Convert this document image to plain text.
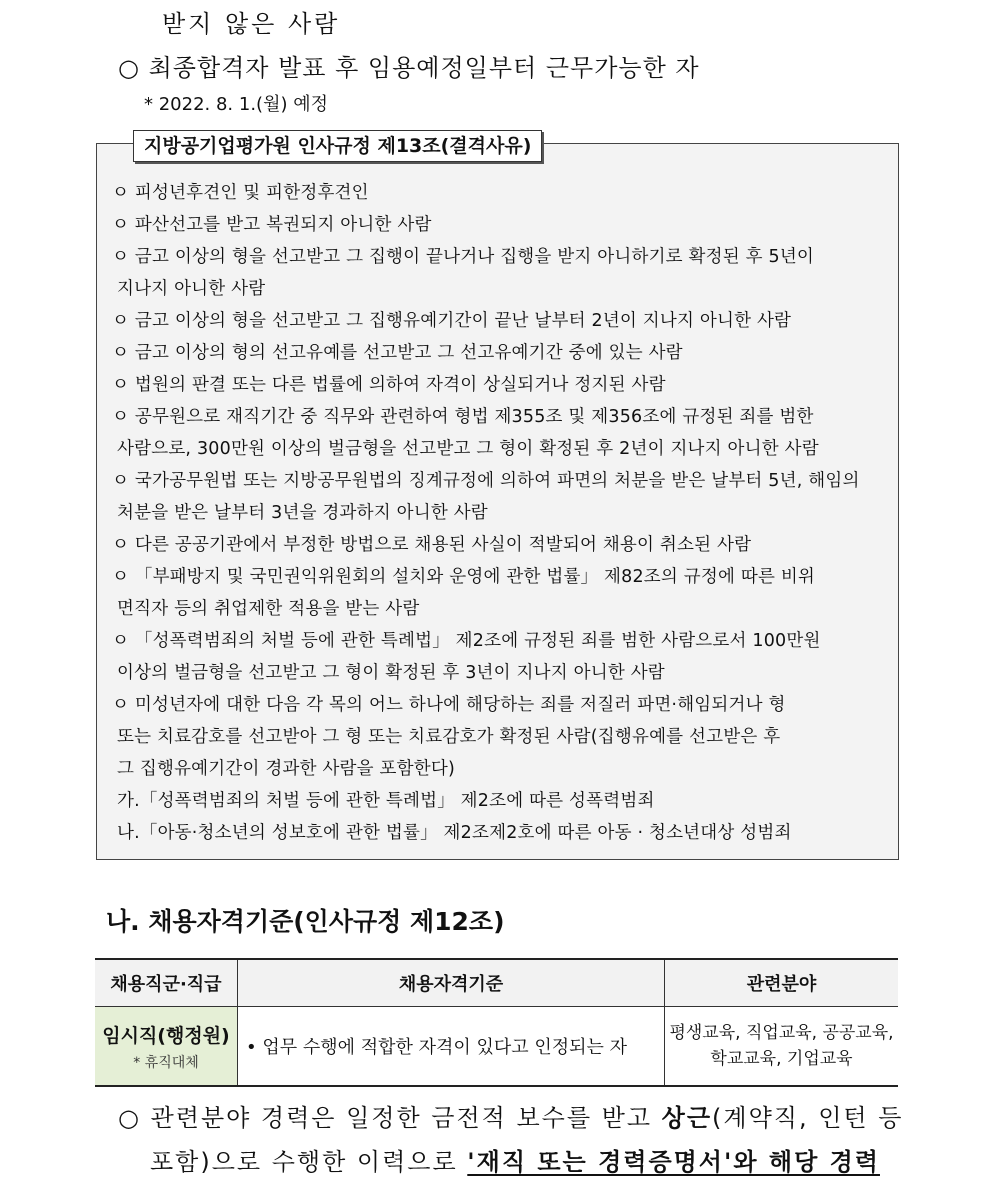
받지 않은 사람
○ 최종합격자 발표 후 임용예정일부터 근무가능한 자
* 2022. 8. 1.(월) 예정
지방공기업평가원 인사규정 제13조(결격사유)
ㅇ 피성년후견인 및 피한정후견인
ㅇ 파산선고를 받고 복권되지 아니한 사람
ㅇ 금고 이상의 형을 선고받고 그 집행이 끝나거나 집행을 받지 아니하기로 확정된 후 5년이
지나지 아니한 사람
ㅇ 금고 이상의 형을 선고받고 그 집행유예기간이 끝난 날부터 2년이 지나지 아니한 사람
ㅇ 금고 이상의 형의 선고유예를 선고받고 그 선고유예기간 중에 있는 사람
ㅇ 법원의 판결 또는 다른 법률에 의하여 자격이 상실되거나 정지된 사람
ㅇ 공무원으로 재직기간 중 직무와 관련하여 형법 제355조 및 제356조에 규정된 죄를 범한
사람으로, 300만원 이상의 벌금형을 선고받고 그 형이 확정된 후 2년이 지나지 아니한 사람
ㅇ 국가공무원법 또는 지방공무원법의 징계규정에 의하여 파면의 처분을 받은 날부터 5년, 해임의
처분을 받은 날부터 3년을 경과하지 아니한 사람
ㅇ 다른 공공기관에서 부정한 방법으로 채용된 사실이 적발되어 채용이 취소된 사람
ㅇ 「부패방지 및 국민권익위원회의 설치와 운영에 관한 법률」 제82조의 규정에 따른 비위
면직자 등의 취업제한 적용을 받는 사람
ㅇ 「성폭력범죄의 처벌 등에 관한 특례법」 제2조에 규정된 죄를 범한 사람으로서 100만원
이상의 벌금형을 선고받고 그 형이 확정된 후 3년이 지나지 아니한 사람
ㅇ 미성년자에 대한 다음 각 목의 어느 하나에 해당하는 죄를 저질러 파면·해임되거나 형
또는 치료감호를 선고받아 그 형 또는 치료감호가 확정된 사람(집행유예를 선고받은 후
그 집행유예기간이 경과한 사람을 포함한다)
가.「성폭력범죄의 처벌 등에 관한 특례법」 제2조에 따른 성폭력범죄
나.「아동·청소년의 성보호에 관한 법률」 제2조제2호에 따른 아동 · 청소년대상 성범죄
나. 채용자격기준(인사규정 제12조)
채용직군·직급	채용자격기준	관련분야

임시직(행정원)
* 휴직대체	• 업무 수행에 적합한 자격이 있다고 인정되는 자	평생교육, 직업교육, 공공교육,
학교교육, 기업교육
○ 관련분야 경력은 일정한 금전적 보수를 받고 상근(계약직, 인턴 등
포함)으로 수행한 이력으로 '재직 또는 경력증명서'와 해당 경력
